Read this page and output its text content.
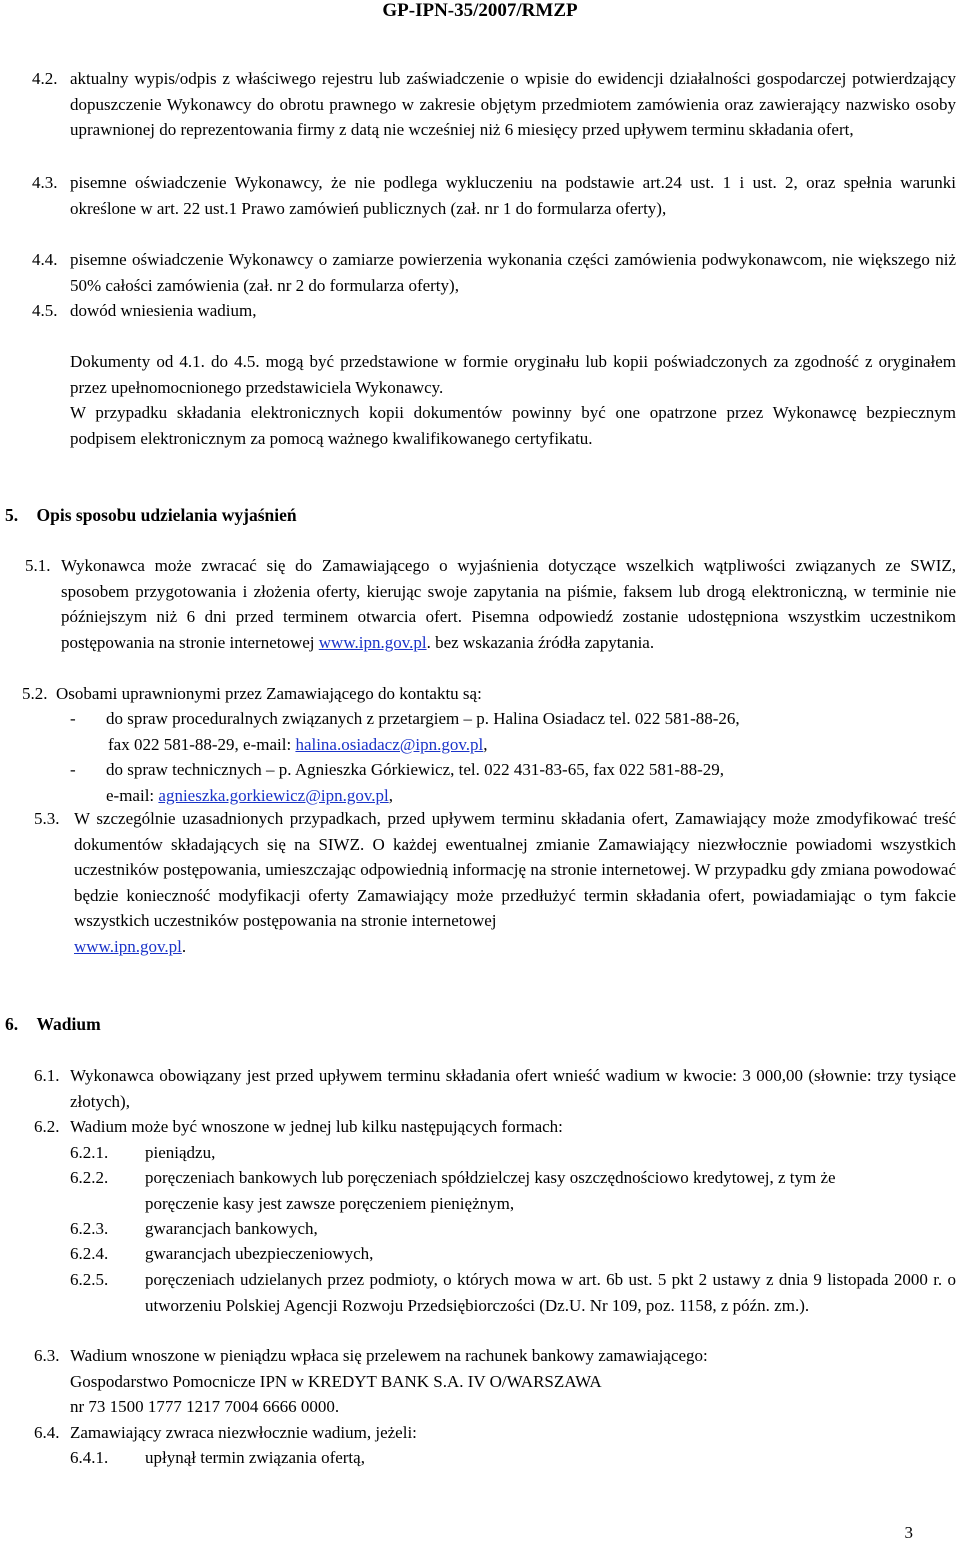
GP-IPN-35/2007/RMZP
4.2. aktualny wypis/odpis z właściwego rejestru lub zaświadczenie o wpisie do ewidencji działalności gospodarczej potwierdzający dopuszczenie Wykonawcy do obrotu prawnego w zakresie objętym przedmiotem zamówienia oraz zawierający nazwisko osoby uprawnionej do reprezentowania firmy z datą nie wcześniej niż 6 miesięcy przed upływem terminu składania ofert,
4.3. pisemne oświadczenie Wykonawcy, że nie podlega wykluczeniu na podstawie art.24 ust. 1 i ust. 2, oraz spełnia warunki określone w art. 22 ust.1 Prawo zamówień publicznych (zał. nr 1 do formularza oferty),
4.4. pisemne oświadczenie Wykonawcy o zamiarze powierzenia wykonania części zamówienia podwykonawcom, nie większego niż 50% całości zamówienia (zał. nr 2 do formularza oferty),
4.5. dowód wniesienia wadium,
Dokumenty od 4.1. do 4.5. mogą być przedstawione w formie oryginału lub kopii poświadczonych za zgodność z oryginałem przez upełnomocnionego przedstawiciela Wykonawcy.
W przypadku składania elektronicznych kopii dokumentów powinny być one opatrzone przez Wykonawcę bezpiecznym podpisem elektronicznym za pomocą ważnego kwalifikowanego certyfikatu.
5. Opis sposobu udzielania wyjaśnień
5.1. Wykonawca może zwracać się do Zamawiającego o wyjaśnienia dotyczące wszelkich wątpliwości związanych ze SWIZ, sposobem przygotowania i złożenia oferty, kierując swoje zapytania na piśmie, faksem lub drogą elektroniczną, w terminie nie późniejszym niż 6 dni przed terminem otwarcia ofert. Pisemna odpowiedź zostanie udostępniona wszystkim uczestnikom postępowania na stronie internetowej www.ipn.gov.pl. bez wskazania źródła zapytania.
5.2. Osobami uprawnionymi przez Zamawiającego do kontaktu są:
- do spraw proceduralnych związanych z przetargiem – p. Halina Osiadacz tel. 022 581-88-26,
fax 022 581-88-29, e-mail: halina.osiadacz@ipn.gov.pl,
- do spraw technicznych – p. Agnieszka Górkiewicz, tel. 022 431-83-65, fax 022 581-88-29,
e-mail: agnieszka.gorkiewicz@ipn.gov.pl,
5.3. W szczególnie uzasadnionych przypadkach, przed upływem terminu składania ofert, Zamawiający może zmodyfikować treść dokumentów składających się na SIWZ. O każdej ewentualnej zmianie Zamawiający niezwłocznie powiadomi wszystkich uczestników postępowania, umieszczając odpowiednią informację na stronie internetowej. W przypadku gdy zmiana powodować będzie konieczność modyfikacji oferty Zamawiający może przedłużyć termin składania ofert, powiadamiając o tym fakcie wszystkich uczestników postępowania na stronie internetowej
www.ipn.gov.pl.
6. Wadium
6.1. Wykonawca obowiązany jest przed upływem terminu składania ofert wnieść wadium w kwocie: 3 000,00 (słownie: trzy tysiące złotych),
6.2. Wadium może być wnoszone w jednej lub kilku następujących formach:
6.2.1. pieniądzu,
6.2.2. poręczeniach bankowych lub poręczeniach spółdzielczej kasy oszczędnościowo kredytowej, z tym że poręczenie kasy jest zawsze poręczeniem pieniężnym,
6.2.3. gwarancjach bankowych,
6.2.4. gwarancjach ubezpieczeniowych,
6.2.5. poręczeniach udzielanych przez podmioty, o których mowa w art. 6b ust. 5 pkt 2 ustawy z dnia 9 listopada 2000 r. o utworzeniu Polskiej Agencji Rozwoju Przedsiębiorczości (Dz.U. Nr 109, poz. 1158, z późn. zm.).
6.3. Wadium wnoszone w pieniądzu wpłaca się przelewem na rachunek bankowy zamawiającego:
Gospodarstwo Pomocnicze IPN w KREDYT BANK S.A. IV O/WARSZAWA
nr 73 1500 1777 1217 7004 6666 0000.
6.4. Zamawiający zwraca niezwłocznie wadium, jeżeli:
6.4.1. upłynął termin związania ofertą,
3
